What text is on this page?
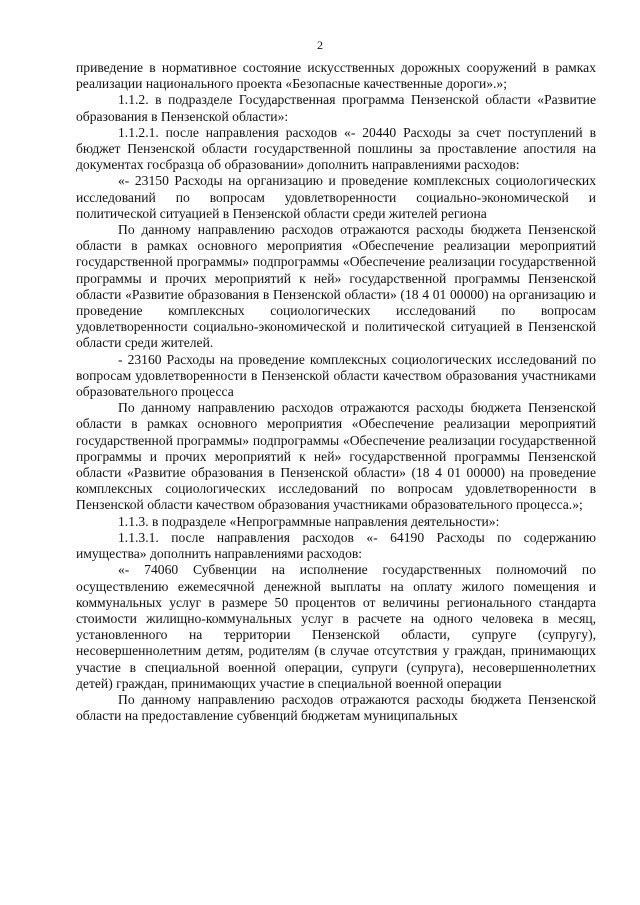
2

приведение в нормативное состояние искусственных дорожных сооружений в рамках реализации национального проекта «Безопасные качественные дороги».»;

1.1.2. в подразделе Государственная программа Пензенской области «Развитие образования в Пензенской области»:

1.1.2.1. после направления расходов «- 20440 Расходы за счет поступлений в бюджет Пензенской области государственной пошлины за проставление апостиля на документах госбразца об образовании» дополнить направлениями расходов:

«- 23150 Расходы на организацию и проведение комплексных социологических исследований по вопросам удовлетворенности социально-экономической и политической ситуацией в Пензенской области среди жителей региона

По данному направлению расходов отражаются расходы бюджета Пензенской области в рамках основного мероприятия «Обеспечение реализации мероприятий государственной программы» подпрограммы «Обеспечение реализации государственной программы и прочих мероприятий к ней» государственной программы Пензенской области «Развитие образования в Пензенской области» (18 4 01 00000) на организацию и проведение комплексных социологических исследований по вопросам удовлетворенности социально-экономической и политической ситуацией в Пензенской области среди жителей.

- 23160 Расходы на проведение комплексных социологических исследований по вопросам удовлетворенности в Пензенской области качеством образования участниками образовательного процесса

По данному направлению расходов отражаются расходы бюджета Пензенской области в рамках основного мероприятия «Обеспечение реализации мероприятий государственной программы» подпрограммы «Обеспечение реализации государственной программы и прочих мероприятий к ней» государственной программы Пензенской области «Развитие образования в Пензенской области» (18 4 01 00000) на проведение комплексных социологических исследований по вопросам удовлетворенности в Пензенской области качеством образования участниками образовательного процесса.»;

1.1.3. в подразделе «Непрограммные направления деятельности»:

1.1.3.1. после направления расходов «- 64190 Расходы по содержанию имущества» дополнить направлениями расходов:

«- 74060 Субвенции на исполнение государственных полномочий по осуществлению ежемесячной денежной выплаты на оплату жилого помещения и коммунальных услуг в размере 50 процентов от величины регионального стандарта стоимости жилищно-коммунальных услуг в расчете на одного человека в месяц, установленного на территории Пензенской области, супруге (супругу), несовершеннолетним детям, родителям (в случае отсутствия у граждан, принимающих участие в специальной военной операции, супруги (супруга), несовершеннолетних детей) граждан, принимающих участие в специальной военной операции

По данному направлению расходов отражаются расходы бюджета Пензенской области на предоставление субвенций бюджетам муниципальных
